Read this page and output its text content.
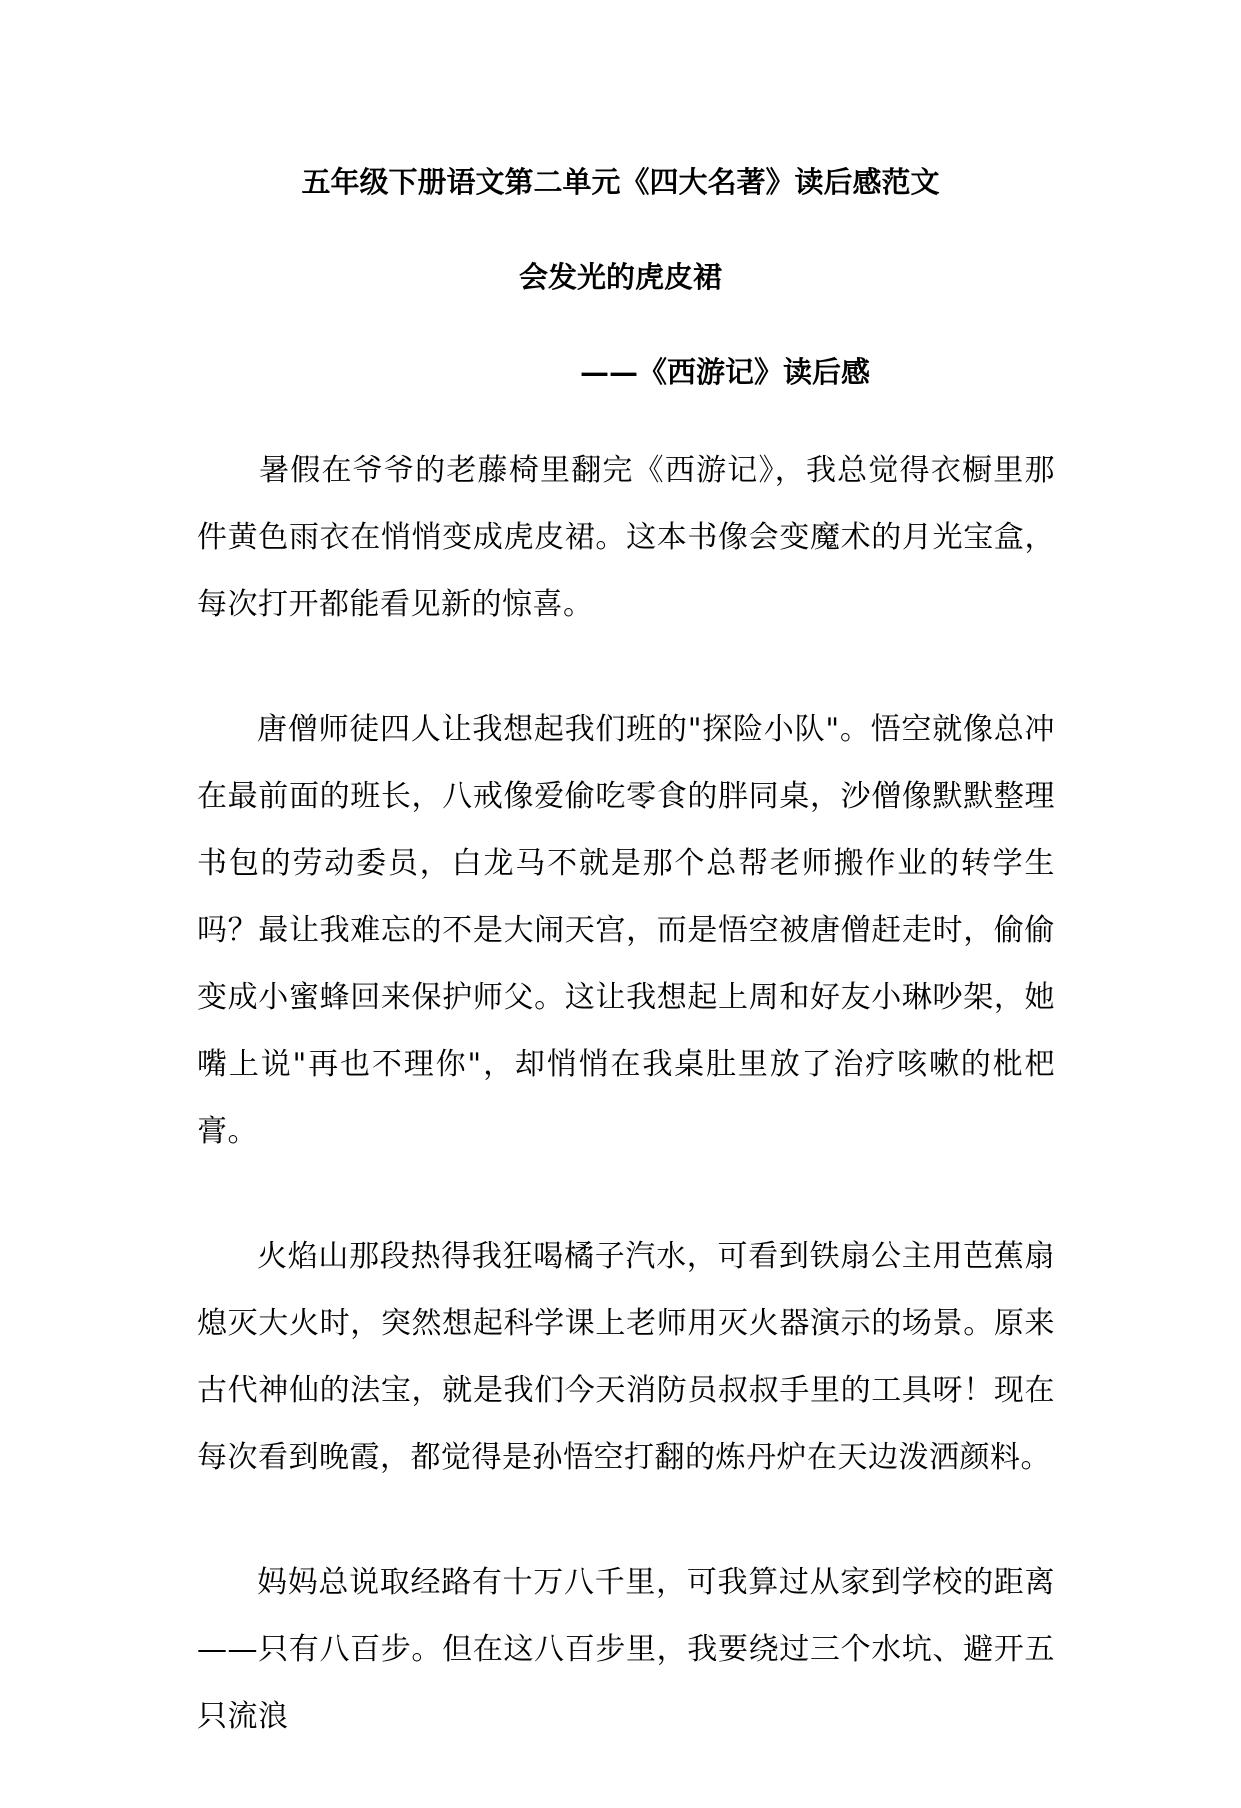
五年级下册语文第二单元《四大名著》读后感范文
会发光的虎皮裙
——《西游记》读后感

暑假在爷爷的老藤椅里翻完《西游记》，我总觉得衣橱里那件黄色雨衣在悄悄变成虎皮裙。这本书像会变魔术的月光宝盒，每次打开都能看见新的惊喜。

唐僧师徒四人让我想起我们班的"探险小队"。悟空就像总冲在最前面的班长，八戒像爱偷吃零食的胖同桌，沙僧像默默整理书包的劳动委员，白龙马不就是那个总帮老师搬作业的转学生吗？最让我难忘的不是大闹天宫，而是悟空被唐僧赶走时，偷偷变成小蜜蜂回来保护师父。这让我想起上周和好友小琳吵架，她嘴上说"再也不理你"，却悄悄在我桌肚里放了治疗咳嗽的枇杷膏。

火焰山那段热得我狂喝橘子汽水，可看到铁扇公主用芭蕉扇熄灭大火时，突然想起科学课上老师用灭火器演示的场景。原来古代神仙的法宝，就是我们今天消防员叔叔手里的工具呀！现在每次看到晚霞，都觉得是孙悟空打翻的炼丹炉在天边泼洒颜料。

妈妈总说取经路有十万八千里，可我算过从家到学校的距离——只有八百步。但在这八百步里，我要绕过三个水坑、避开五只流浪
